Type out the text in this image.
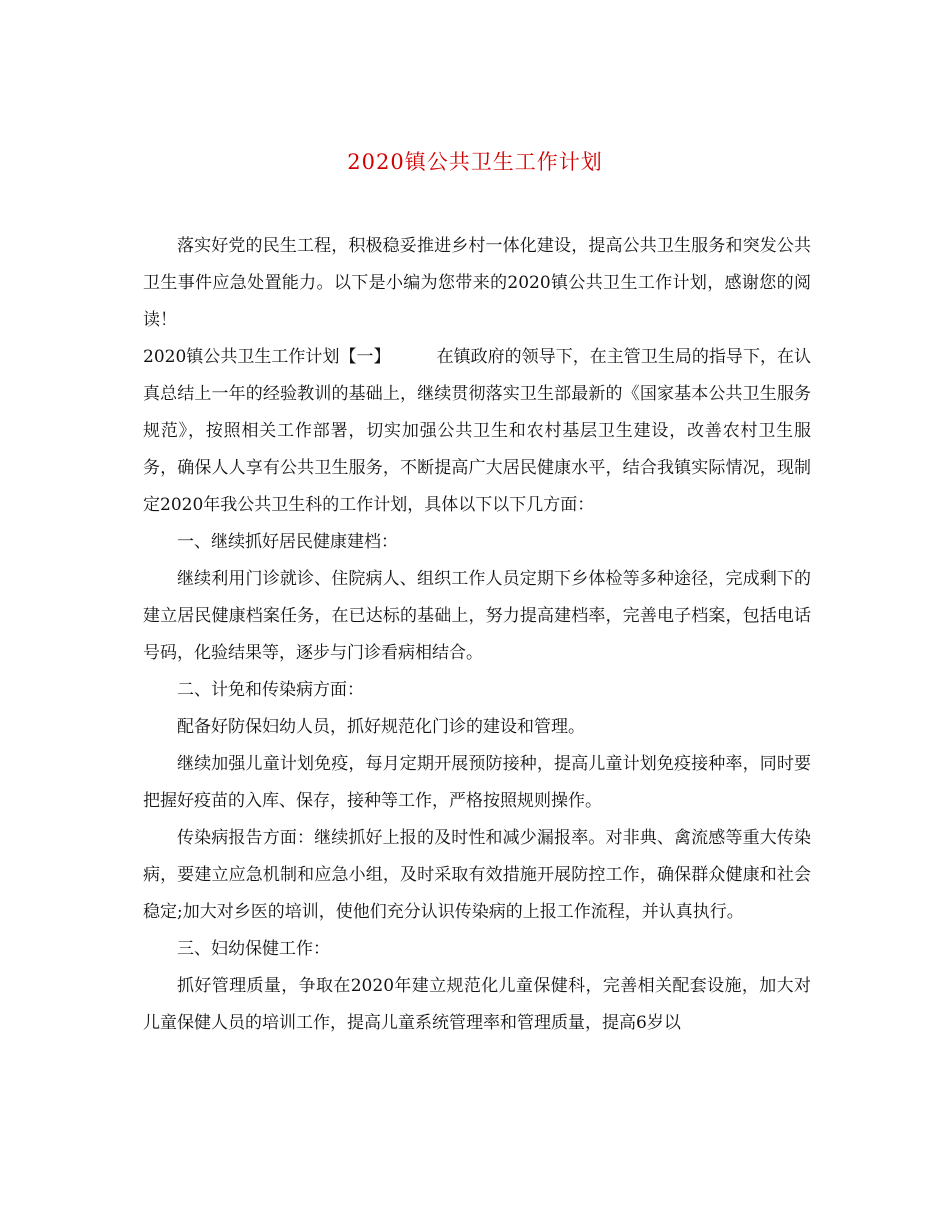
2020镇公共卫生工作计划

落实好党的民生工程，积极稳妥推进乡村一体化建设，提高公共卫生服务和突发公共卫生事件应急处置能力。以下是小编为您带来的2020镇公共卫生工作计划，感谢您的阅读！

2020镇公共卫生工作计划【一】	在镇政府的领导下，在主管卫生局的指导下，在认真总结上一年的经验教训的基础上，继续贯彻落实卫生部最新的《国家基本公共卫生服务规范》，按照相关工作部署，切实加强公共卫生和农村基层卫生建设，改善农村卫生服务，确保人人享有公共卫生服务，不断提高广大居民健康水平，结合我镇实际情况，现制定2020年我公共卫生科的工作计划，具体以下以下几方面：

一、继续抓好居民健康建档：

继续利用门诊就诊、住院病人、组织工作人员定期下乡体检等多种途径，完成剩下的建立居民健康档案任务，在已达标的基础上，努力提高建档率，完善电子档案，包括电话号码，化验结果等，逐步与门诊看病相结合。

二、计免和传染病方面：

配备好防保妇幼人员，抓好规范化门诊的建设和管理。

继续加强儿童计划免疫，每月定期开展预防接种，提高儿童计划免疫接种率，同时要把握好疫苗的入库、保存，接种等工作，严格按照规则操作。

传染病报告方面：继续抓好上报的及时性和减少漏报率。对非典、禽流感等重大传染病，要建立应急机制和应急小组，及时采取有效措施开展防控工作，确保群众健康和社会稳定;加大对乡医的培训，使他们充分认识传染病的上报工作流程，并认真执行。

三、妇幼保健工作：

抓好管理质量，争取在2020年建立规范化儿童保健科，完善相关配套设施，加大对儿童保健人员的培训工作，提高儿童系统管理率和管理质量，提高6岁以
